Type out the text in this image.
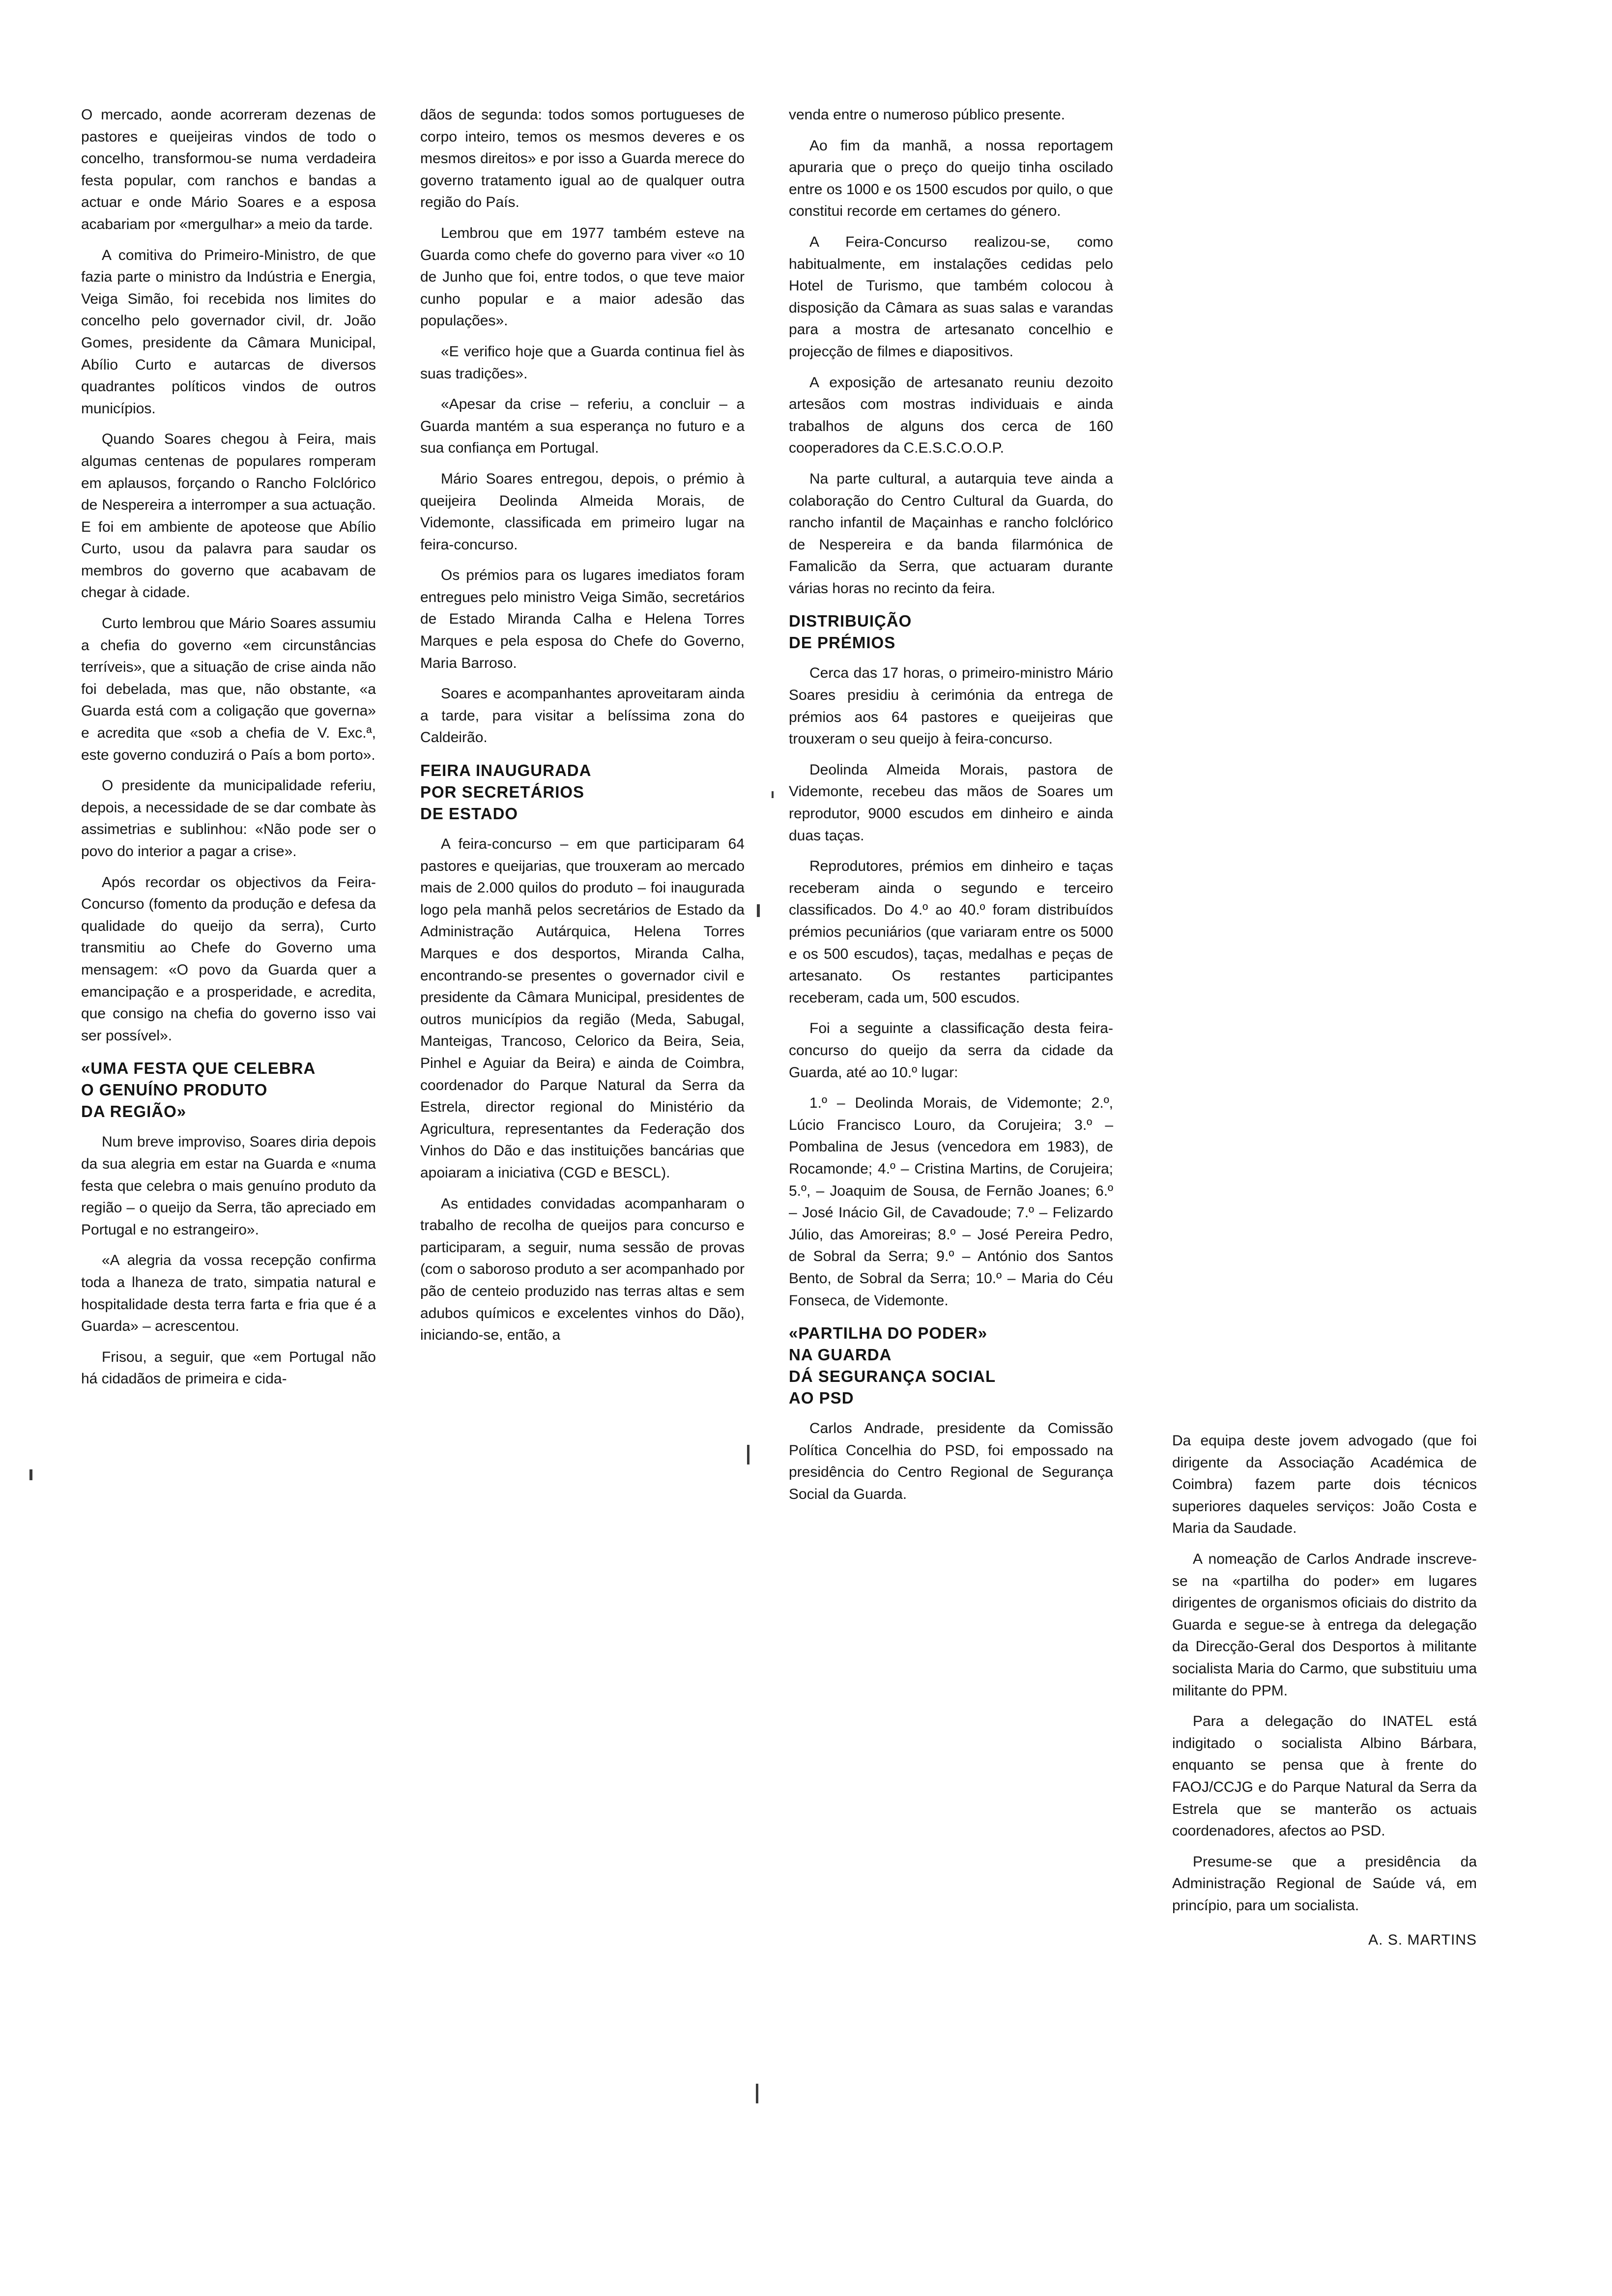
O mercado, aonde acorreram dezenas de pastores e queijeiras vindos de todo o concelho, transformou-se numa verdadeira festa popular, com ranchos e bandas a actuar e onde Mário Soares e a esposa acabariam por «mergulhar» a meio da tarde.

A comitiva do Primeiro-Ministro, de que fazia parte o ministro da Indústria e Energia, Veiga Simão, foi recebida nos limites do concelho pelo governador civil, dr. João Gomes, presidente da Câmara Municipal, Abílio Curto e autarcas de diversos quadrantes políticos vindos de outros municípios.

Quando Soares chegou à Feira, mais algumas centenas de populares romperam em aplausos, forçando o Rancho Folclórico de Nespereira a interromper a sua actuação. E foi em ambiente de apoteose que Abílio Curto, usou da palavra para saudar os membros do governo que acabavam de chegar à cidade.

Curto lembrou que Mário Soares assumiu a chefia do governo «em circunstâncias terríveis», que a situação de crise ainda não foi debelada, mas que, não obstante, «a Guarda está com a coligação que governa» e acredita que «sob a chefia de V. Exc.ª, este governo conduzirá o País a bom porto».

O presidente da municipalidade referiu, depois, a necessidade de se dar combate às assimetrias e sublinhou: «Não pode ser o povo do interior a pagar a crise».

Após recordar os objectivos da Feira-Concurso (fomento da produção e defesa da qualidade do queijo da serra), Curto transmitiu ao Chefe do Governo uma mensagem: «O povo da Guarda quer a emancipação e a prosperidade, e acredita, que consigo na chefia do governo isso vai ser possível».

«UMA FESTA QUE CELEBRA
O GENUÍNO PRODUTO
DA REGIÃO»

Num breve improviso, Soares diria depois da sua alegria em estar na Guarda e «numa festa que celebra o mais genuíno produto da região – o queijo da Serra, tão apreciado em Portugal e no estrangeiro».

«A alegria da vossa recepção confirma toda a lhaneza de trato, simpatia natural e hospitalidade desta terra farta e fria que é a Guarda» – acrescentou.

Frisou, a seguir, que «em Portugal não há cidadãos de primeira e cida-

dãos de segunda: todos somos portugueses de corpo inteiro, temos os mesmos deveres e os mesmos direitos» e por isso a Guarda merece do governo tratamento igual ao de qualquer outra região do País.

Lembrou que em 1977 também esteve na Guarda como chefe do governo para viver «o 10 de Junho que foi, entre todos, o que teve maior cunho popular e a maior adesão das populações».

«E verifico hoje que a Guarda continua fiel às suas tradições».

«Apesar da crise – referiu, a concluir – a Guarda mantém a sua esperança no futuro e a sua confiança em Portugal.

Mário Soares entregou, depois, o prémio à queijeira Deolinda Almeida Morais, de Videmonte, classificada em primeiro lugar na feira-concurso.

Os prémios para os lugares imediatos foram entregues pelo ministro Veiga Simão, secretários de Estado Miranda Calha e Helena Torres Marques e pela esposa do Chefe do Governo, Maria Barroso.

Soares e acompanhantes aproveitaram ainda a tarde, para visitar a belíssima zona do Caldeirão.

FEIRA INAUGURADA
POR SECRETÁRIOS
DE ESTADO

A feira-concurso – em que participaram 64 pastores e queijarias, que trouxeram ao mercado mais de 2.000 quilos do produto – foi inaugurada logo pela manhã pelos secretários de Estado da Administração Autárquica, Helena Torres Marques e dos desportos, Miranda Calha, encontrando-se presentes o governador civil e presidente da Câmara Municipal, presidentes de outros municípios da região (Meda, Sabugal, Manteigas, Trancoso, Celorico da Beira, Seia, Pinhel e Aguiar da Beira) e ainda de Coimbra, coordenador do Parque Natural da Serra da Estrela, director regional do Ministério da Agricultura, representantes da Federação dos Vinhos do Dão e das instituições bancárias que apoiaram a iniciativa (CGD e BESCL).

As entidades convidadas acompanharam o trabalho de recolha de queijos para concurso e participaram, a seguir, numa sessão de provas (com o saboroso produto a ser acompanhado por pão de centeio produzido nas terras altas e sem adubos químicos e excelentes vinhos do Dão), iniciando-se, então, a

venda entre o numeroso público presente.

Ao fim da manhã, a nossa reportagem apuraria que o preço do queijo tinha oscilado entre os 1000 e os 1500 escudos por quilo, o que constitui recorde em certames do género.

A Feira-Concurso realizou-se, como habitualmente, em instalações cedidas pelo Hotel de Turismo, que também colocou à disposição da Câmara as suas salas e varandas para a mostra de artesanato concelhio e projecção de filmes e diapositivos.

A exposição de artesanato reuniu dezoito artesãos com mostras individuais e ainda trabalhos de alguns dos cerca de 160 cooperadores da C.E.S.C.O.O.P.

Na parte cultural, a autarquia teve ainda a colaboração do Centro Cultural da Guarda, do rancho infantil de Maçainhas e rancho folclórico de Nespereira e da banda filarmónica de Famalicão da Serra, que actuaram durante várias horas no recinto da feira.

DISTRIBUIÇÃO
DE PRÉMIOS

Cerca das 17 horas, o primeiro-ministro Mário Soares presidiu à cerimónia da entrega de prémios aos 64 pastores e queijeiras que trouxeram o seu queijo à feira-concurso.

Deolinda Almeida Morais, pastora de Videmonte, recebeu das mãos de Soares um reprodutor, 9000 escudos em dinheiro e ainda duas taças.

Reprodutores, prémios em dinheiro e taças receberam ainda o segundo e terceiro classificados. Do 4.º ao 40.º foram distribuídos prémios pecuniários (que variaram entre os 5000 e os 500 escudos), taças, medalhas e peças de artesanato. Os restantes participantes receberam, cada um, 500 escudos.

Foi a seguinte a classificação desta feira-concurso do queijo da serra da cidade da Guarda, até ao 10.º lugar:

1.º – Deolinda Morais, de Videmonte; 2.º, Lúcio Francisco Louro, da Corujeira; 3.º – Pombalina de Jesus (vencedora em 1983), de Rocamonde; 4.º – Cristina Martins, de Corujeira; 5.º, – Joaquim de Sousa, de Fernão Joanes; 6.º – José Inácio Gil, de Cavadoude; 7.º – Felizardo Júlio, das Amoreiras; 8.º – José Pereira Pedro, de Sobral da Serra; 9.º – António dos Santos Bento, de Sobral da Serra; 10.º – Maria do Céu Fonseca, de Videmonte.

«PARTILHA DO PODER»
NA GUARDA
DÁ SEGURANÇA SOCIAL
AO PSD

Carlos Andrade, presidente da Comissão Política Concelhia do PSD, foi empossado na presidência do Centro Regional de Segurança Social da Guarda.

Da equipa deste jovem advogado (que foi dirigente da Associação Académica de Coimbra) fazem parte dois técnicos superiores daqueles serviços: João Costa e Maria da Saudade.

A nomeação de Carlos Andrade inscreve-se na «partilha do poder» em lugares dirigentes de organismos oficiais do distrito da Guarda e segue-se à entrega da delegação da Direcção-Geral dos Desportos à militante socialista Maria do Carmo, que substituiu uma militante do PPM.

Para a delegação do INATEL está indigitado o socialista Albino Bárbara, enquanto se pensa que à frente do FAOJ/CCJG e do Parque Natural da Serra da Estrela que se manterão os actuais coordenadores, afectos ao PSD.

Presume-se que a presidência da Administração Regional de Saúde vá, em princípio, para um socialista.

A. S. MARTINS
